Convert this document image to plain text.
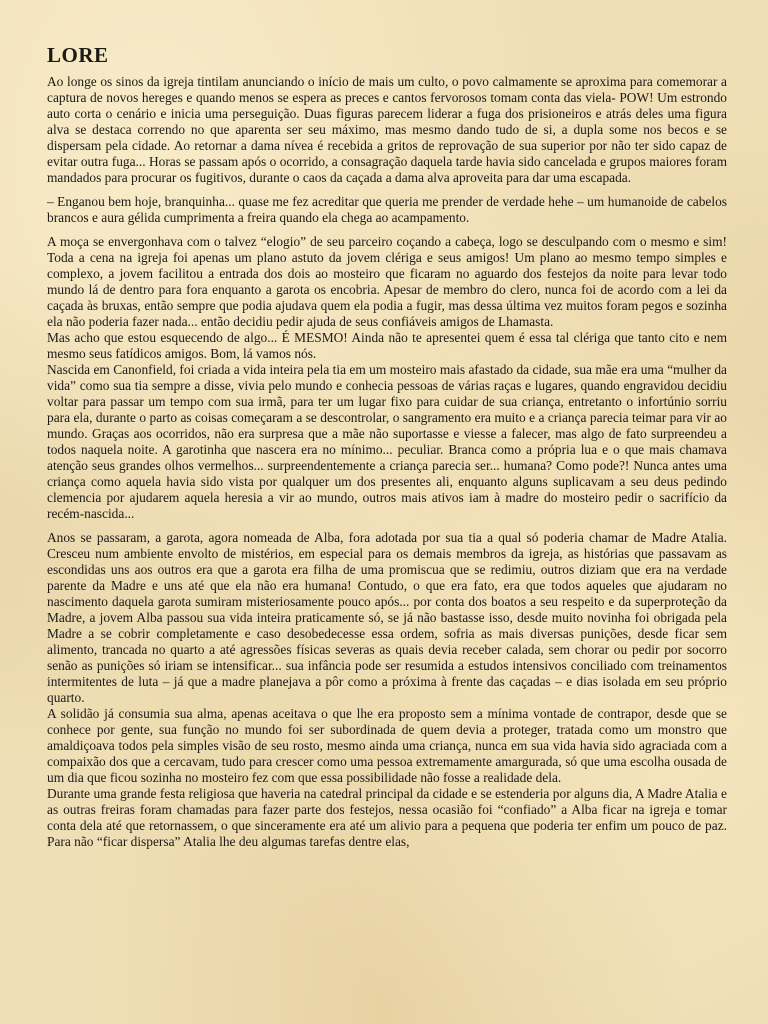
LORE

Ao longe os sinos da igreja tintilam anunciando o início de mais um culto, o povo calmamente se aproxima para comemorar a captura de novos hereges e quando menos se espera as preces e cantos fervorosos tomam conta das viela- POW! Um estrondo auto corta o cenário e inicia uma perseguição. Duas figuras parecem liderar a fuga dos prisioneiros e atrás deles uma figura alva se destaca correndo no que aparenta ser seu máximo, mas mesmo dando tudo de si, a dupla some nos becos e se dispersam pela cidade. Ao retornar a dama nívea é recebida a gritos de reprovação de sua superior por não ter sido capaz de evitar outra fuga... Horas se passam após o ocorrido, a consagração daquela tarde havia sido cancelada e grupos maiores foram mandados para procurar os fugitivos, durante o caos da caçada a dama alva aproveita para dar uma escapada.

– Enganou bem hoje, branquinha... quase me fez acreditar que queria me prender de verdade hehe – um humanoide de cabelos brancos e aura gélida cumprimenta a freira quando ela chega ao acampamento.

A moça se envergonhava com o talvez “elogio” de seu parceiro coçando a cabeça, logo se desculpando com o mesmo e sim! Toda a cena na igreja foi apenas um plano astuto da jovem clériga e seus amigos! Um plano ao mesmo tempo simples e complexo, a jovem facilitou a entrada dos dois ao mosteiro que ficaram no aguardo dos festejos da noite para levar todo mundo lá de dentro para fora enquanto a garota os encobria. Apesar de membro do clero, nunca foi de acordo com a lei da caçada às bruxas, então sempre que podia ajudava quem ela podia a fugir, mas dessa última vez muitos foram pegos e sozinha ela não poderia fazer nada... então decidiu pedir ajuda de seus confiáveis amigos de Lhamasta.

Mas acho que estou esquecendo de algo... É MESMO! Ainda não te apresentei quem é essa tal clériga que tanto cito e nem mesmo seus fatídicos amigos. Bom, lá vamos nós.

Nascida em Canonfield, foi criada a vida inteira pela tia em um mosteiro mais afastado da cidade, sua mãe era uma “mulher da vida” como sua tia sempre a disse, vivia pelo mundo e conhecia pessoas de várias raças e lugares, quando engravidou decidiu voltar para passar um tempo com sua irmã, para ter um lugar fixo para cuidar de sua criança, entretanto o infortúnio sorriu para ela, durante o parto as coisas começaram a se descontrolar, o sangramento era muito e a criança parecia teimar para vir ao mundo. Graças aos ocorridos, não era surpresa que a mãe não suportasse e viesse a falecer, mas algo de fato surpreendeu a todos naquela noite. A garotinha que nascera era no mínimo... peculiar. Branca como a própria lua e o que mais chamava atenção seus grandes olhos vermelhos... surpreendentemente a criança parecia ser... humana? Como pode?! Nunca antes uma criança como aquela havia sido vista por qualquer um dos presentes ali, enquanto alguns suplicavam a seu deus pedindo clemencia por ajudarem aquela heresia a vir ao mundo, outros mais ativos iam à madre do mosteiro pedir o sacrifício da recém-nascida...

Anos se passaram, a garota, agora nomeada de Alba, fora adotada por sua tia a qual só poderia chamar de Madre Atalia. Cresceu num ambiente envolto de mistérios, em especial para os demais membros da igreja, as histórias que passavam as escondidas uns aos outros era que a garota era filha de uma promiscua que se redimiu, outros diziam que era na verdade parente da Madre e uns até que ela não era humana! Contudo, o que era fato, era que todos aqueles que ajudaram no nascimento daquela garota sumiram misteriosamente pouco após... por conta dos boatos a seu respeito e da superproteção da Madre, a jovem Alba passou sua vida inteira praticamente só, se já não bastasse isso, desde muito novinha foi obrigada pela Madre a se cobrir completamente e caso desobedecesse essa ordem, sofria as mais diversas punições, desde ficar sem alimento, trancada no quarto a até agressões físicas severas as quais devia receber calada, sem chorar ou pedir por socorro senão as punições só iriam se intensificar... sua infância pode ser resumida a estudos intensivos conciliado com treinamentos intermitentes de luta – já que a madre planejava a pôr como a próxima à frente das caçadas – e dias isolada em seu próprio quarto.

A solidão já consumia sua alma, apenas aceitava o que lhe era proposto sem a mínima vontade de contrapor, desde que se conhece por gente, sua função no mundo foi ser subordinada de quem devia a proteger, tratada como um monstro que amaldiçoava todos pela simples visão de seu rosto, mesmo ainda uma criança, nunca em sua vida havia sido agraciada com a compaixão dos que a cercavam, tudo para crescer como uma pessoa extremamente amargurada, só que uma escolha ousada de um dia que ficou sozinha no mosteiro fez com que essa possibilidade não fosse a realidade dela.

Durante uma grande festa religiosa que haveria na catedral principal da cidade e se estenderia por alguns dia, A Madre Atalia e as outras freiras foram chamadas para fazer parte dos festejos, nessa ocasião foi “confiado” a Alba ficar na igreja e tomar conta dela até que retornassem, o que sinceramente era até um alivio para a pequena que poderia ter enfim um pouco de paz. Para não “ficar dispersa” Atalia lhe deu algumas tarefas dentre elas,
